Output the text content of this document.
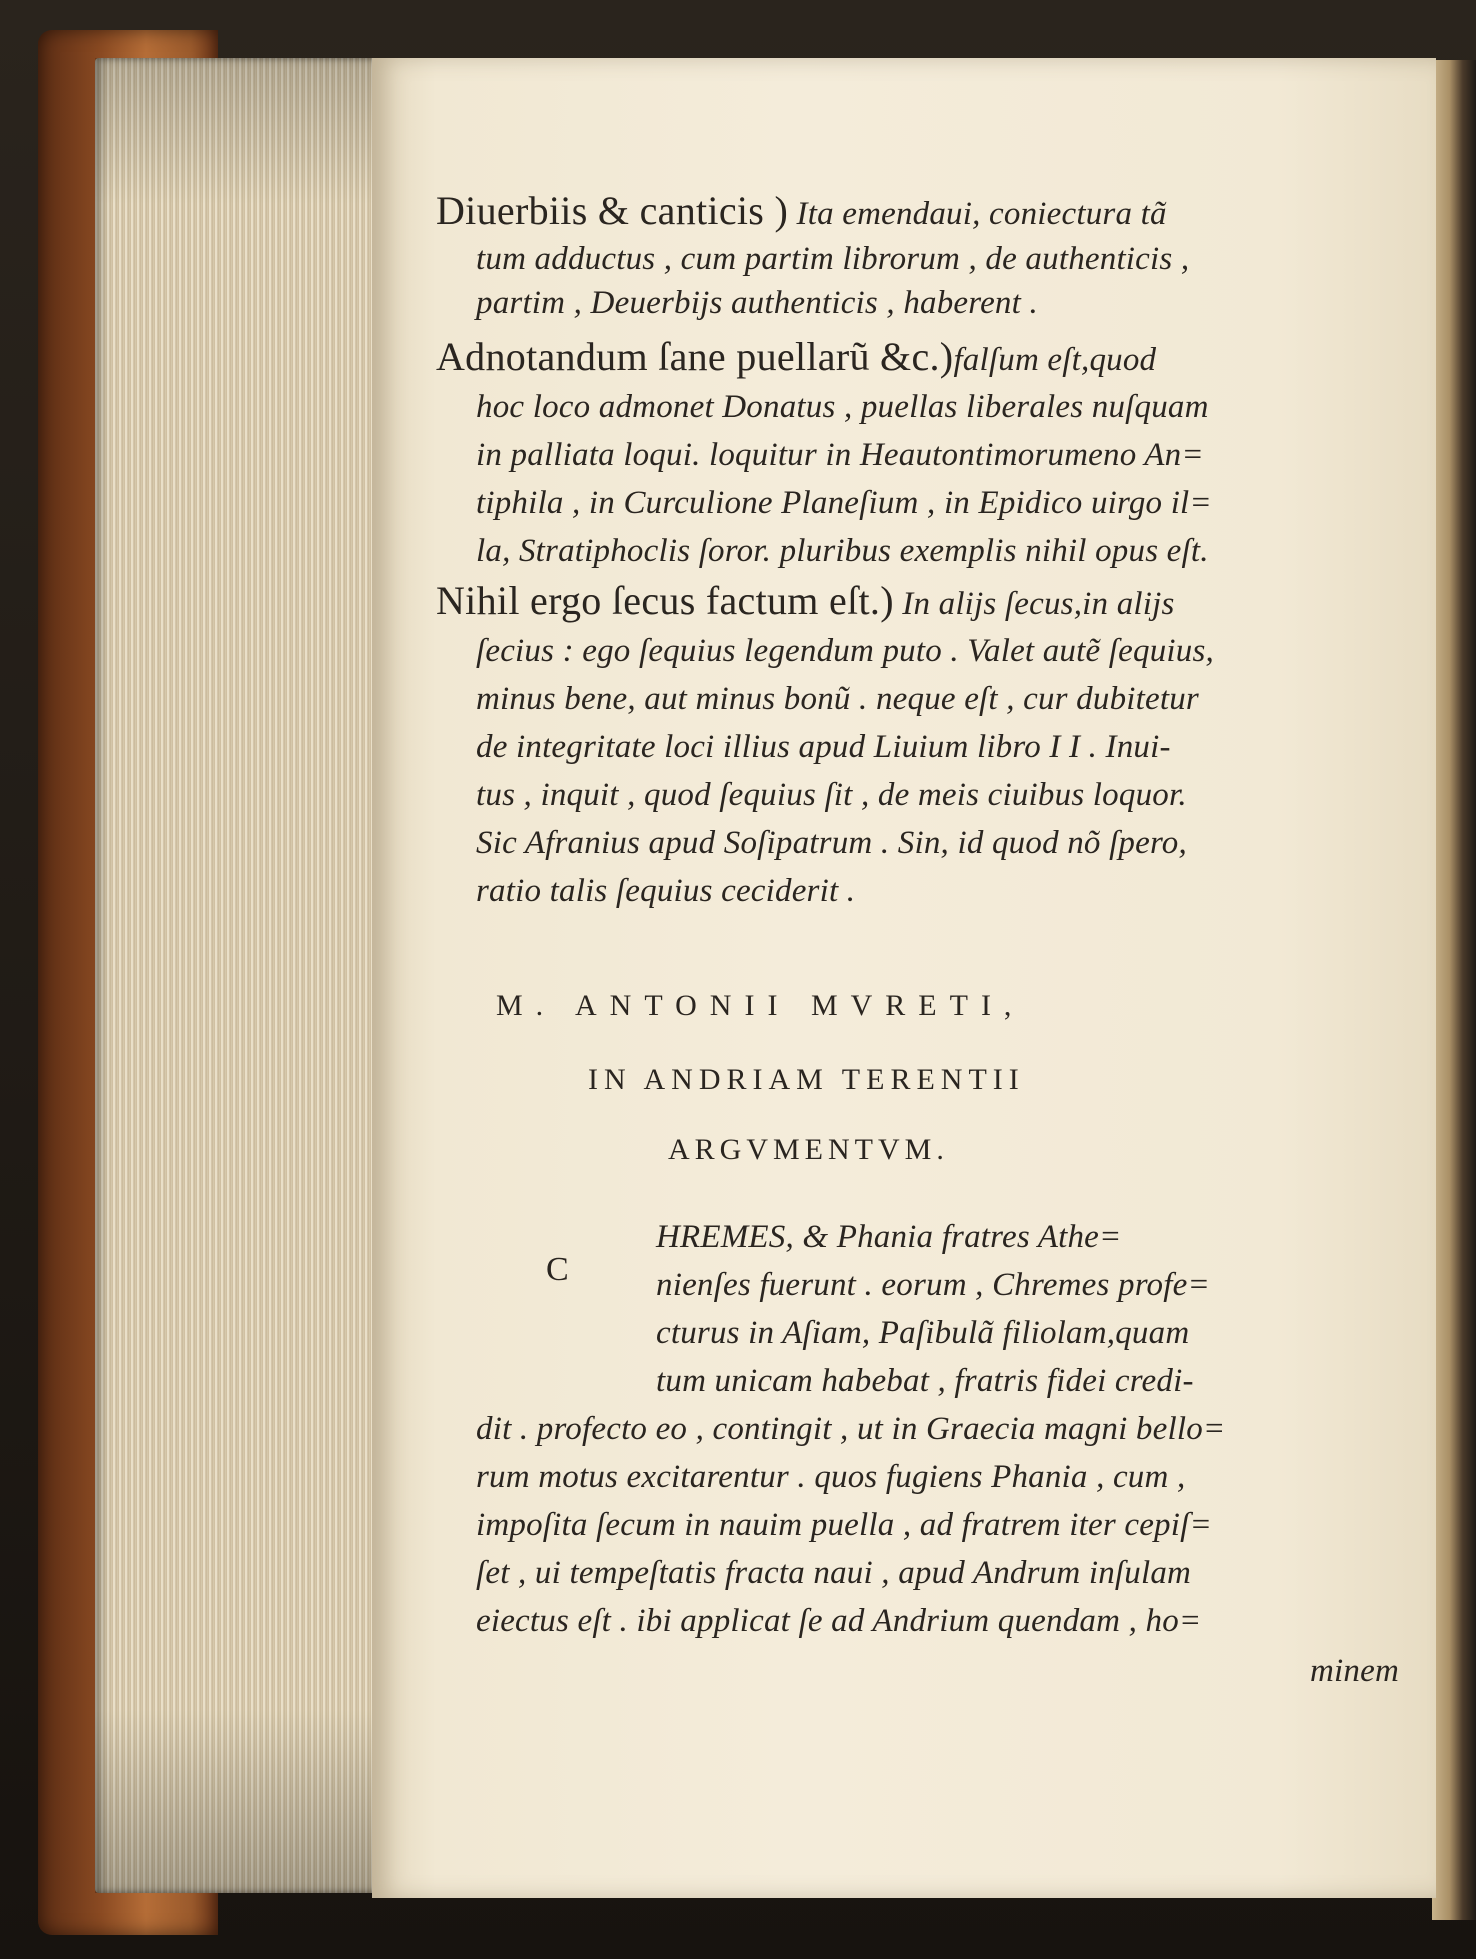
Diuerbiis & canticis ) Ita emendaui, coniectura tã
tum adductus , cum partim librorum , de authenticis ,
partim , Deuerbijs authenticis , haberent .
Adnotandum ſane puellarũ &c.)falſum eſt,quod
hoc loco admonet Donatus , puellas liberales nuſquam
in palliata loqui. loquitur in Heautontimorumeno An=
tiphila , in Curculione Planeſium , in Epidico uirgo il=
la, Stratiphoclis ſoror. pluribus exemplis nihil opus eſt.
Nihil ergo ſecus factum eſt.) In alijs ſecus,in alijs
ſecius : ego ſequius legendum puto . Valet autẽ ſequius,
minus bene, aut minus bonũ . neque eſt , cur dubitetur
de integritate loci illius apud Liuium libro I I . Inui-
tus , inquit , quod ſequius ſit , de meis ciuibus loquor.
Sic Afranius apud Soſipatrum . Sin, id quod nõ ſpero,
ratio talis ſequius ceciderit .
M. ANTONII MVRETI,
IN ANDRIAM TERENTII
ARGVMENTVM.
C
HREMES, & Phania fratres Athe=
nienſes fuerunt . eorum , Chremes profe=
cturus in Aſiam, Paſibulã filiolam,quam
tum unicam habebat , fratris fidei credi-
dit . profecto eo , contingit , ut in Graecia magni bello=
rum motus excitarentur . quos fugiens Phania , cum ,
impoſita ſecum in nauim puella , ad fratrem iter cepiſ=
ſet , ui tempeſtatis fracta naui , apud Andrum inſulam
eiectus eſt . ibi applicat ſe ad Andrium quendam , ho=
minem
